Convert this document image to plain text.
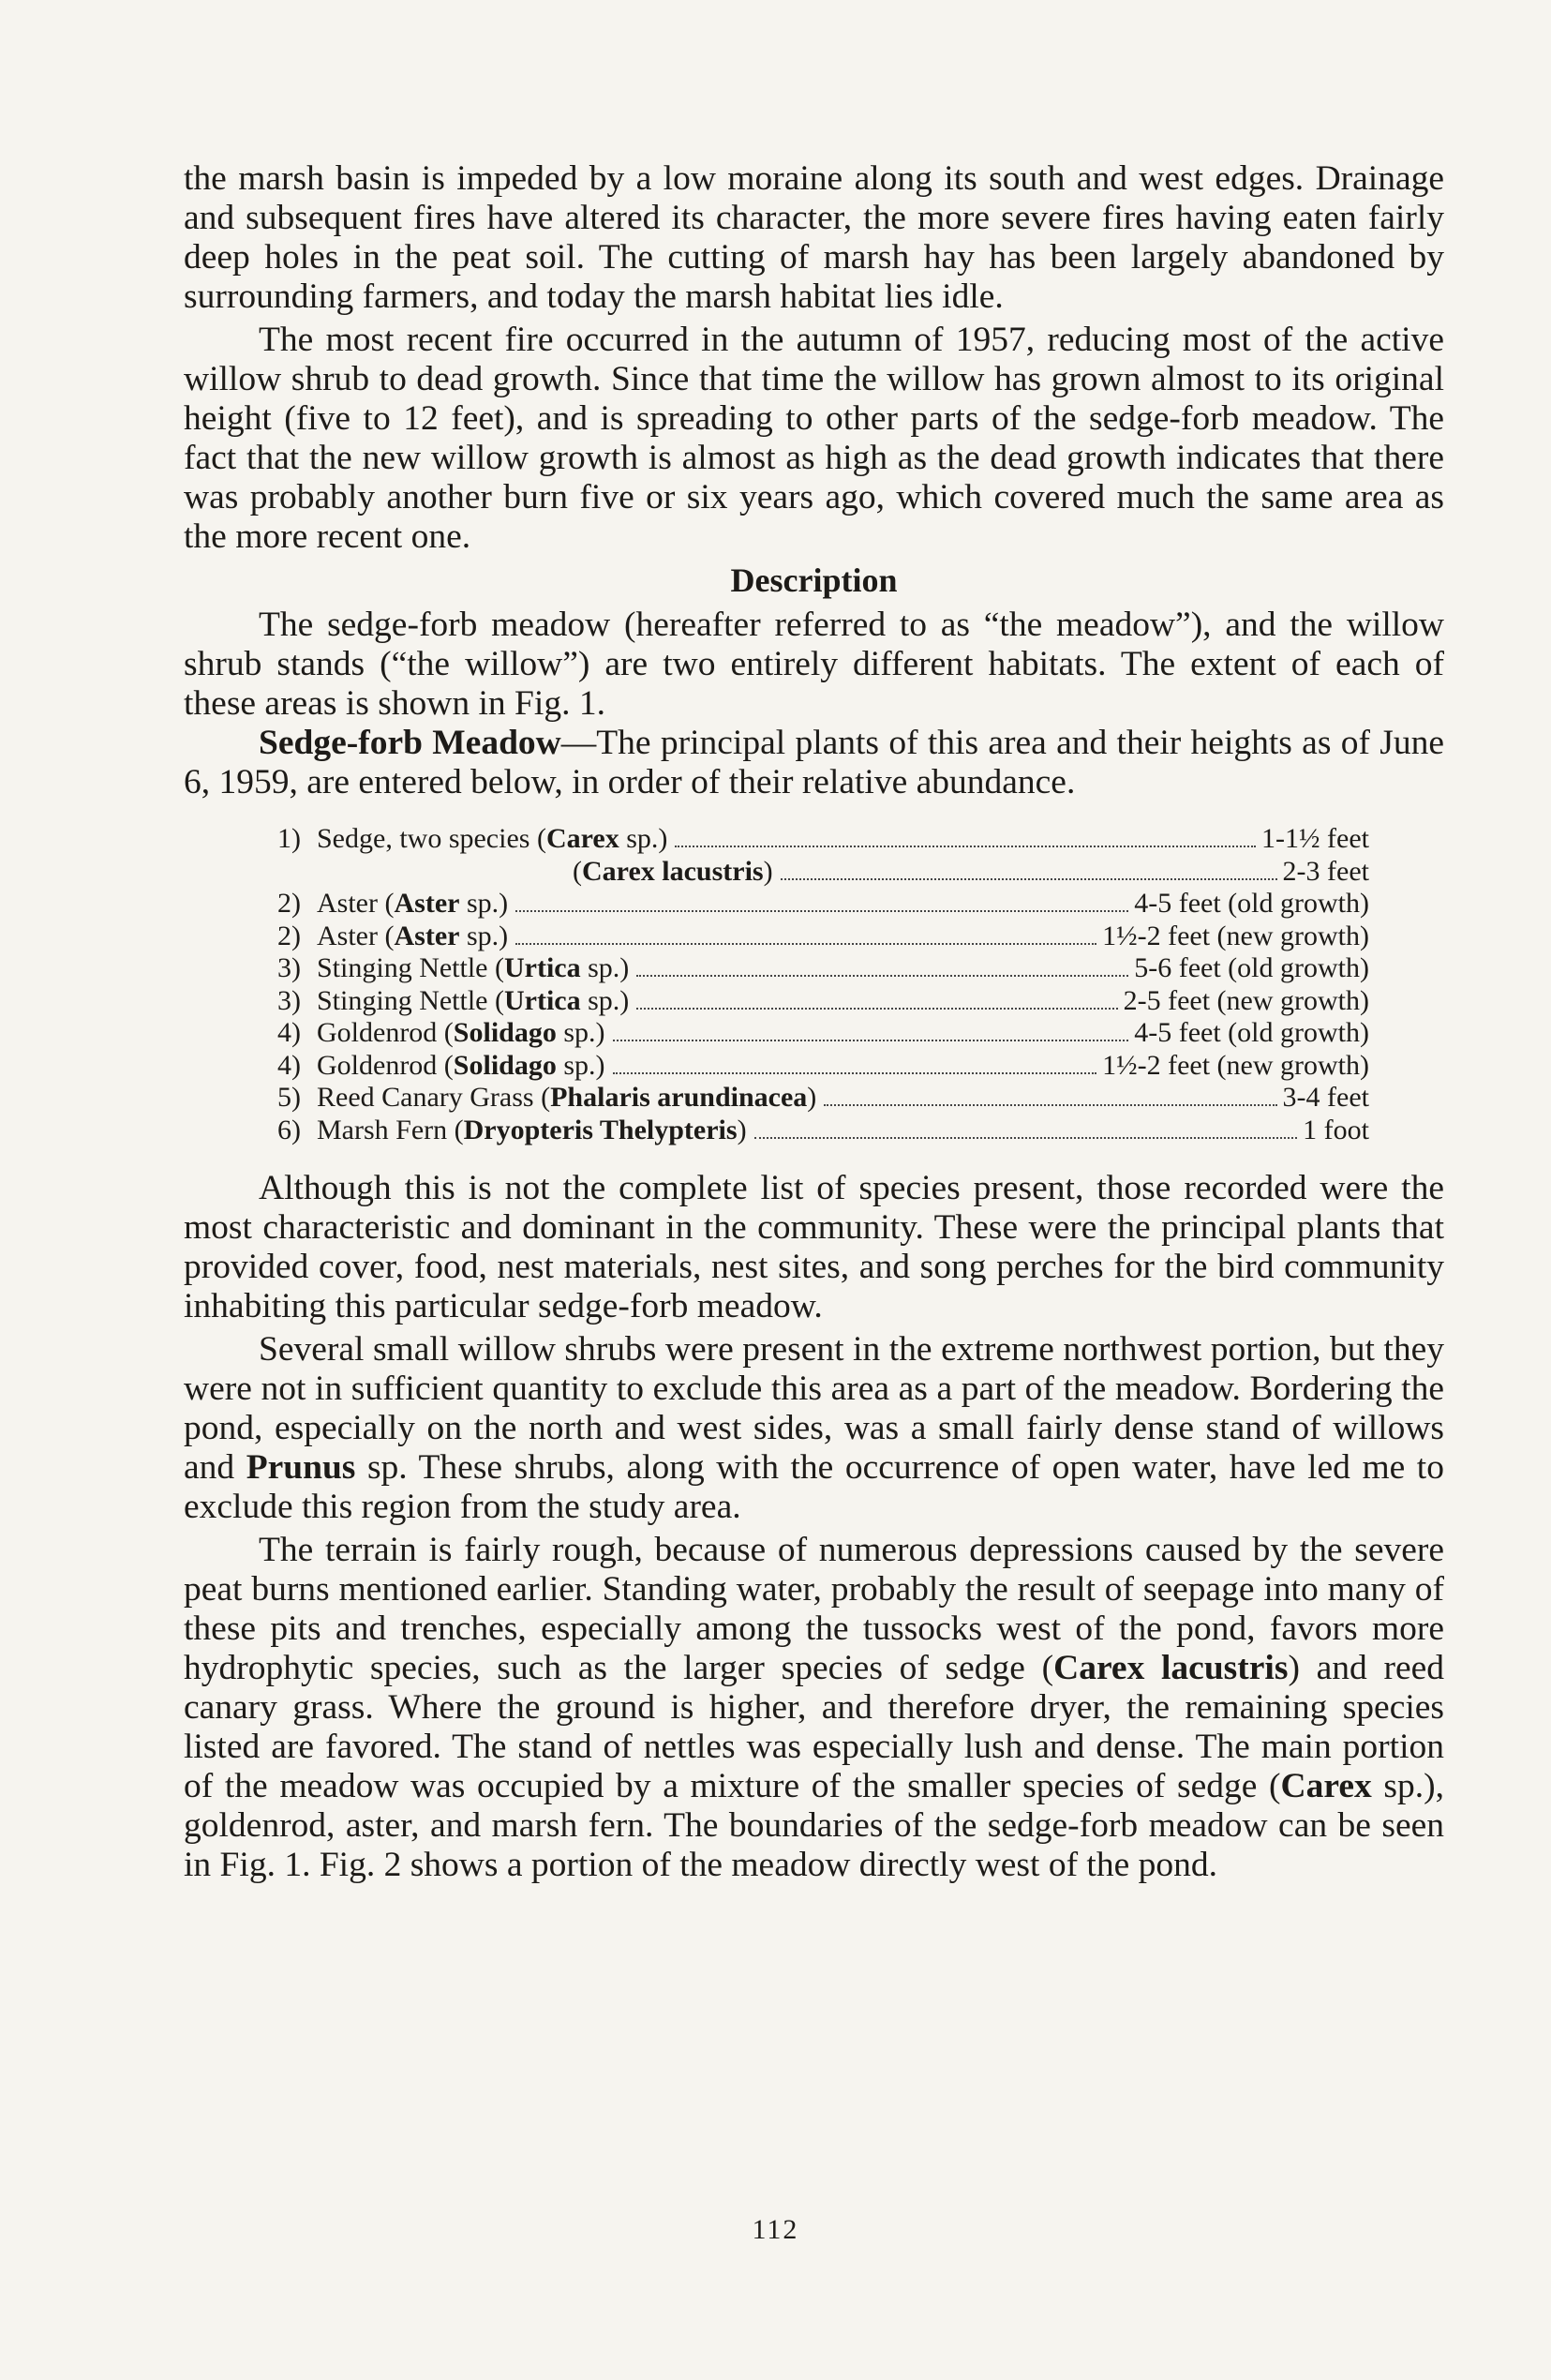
the marsh basin is impeded by a low moraine along its south and west edges. Drainage and subsequent fires have altered its character, the more severe fires having eaten fairly deep holes in the peat soil. The cutting of marsh hay has been largely abandoned by surrounding farmers, and today the marsh habitat lies idle.

The most recent fire occurred in the autumn of 1957, reducing most of the active willow shrub to dead growth. Since that time the willow has grown almost to its original height (five to 12 feet), and is spreading to other parts of the sedge-forb meadow. The fact that the new willow growth is almost as high as the dead growth indicates that there was probably another burn five or six years ago, which covered much the same area as the more recent one.

Description

The sedge-forb meadow (hereafter referred to as “the meadow”), and the willow shrub stands (“the willow”) are two entirely different habitats. The extent of each of these areas is shown in Fig. 1.

Sedge-forb Meadow—The principal plants of this area and their heights as of June 6, 1959, are entered below, in order of their relative abundance.

1) Sedge, two species (Carex sp.)	1-1½ feet
(Carex lacustris)	2-3 feet
2) Aster (Aster sp.)	4-5 feet (old growth)
2) Aster (Aster sp.)	1½-2 feet (new growth)
3) Stinging Nettle (Urtica sp.)	5-6 feet (old growth)
3) Stinging Nettle (Urtica sp.)	2-5 feet (new growth)
4) Goldenrod (Solidago sp.)	4-5 feet (old growth)
4) Goldenrod (Solidago sp.)	1½-2 feet (new growth)
5) Reed Canary Grass (Phalaris arundinacea)	3-4 feet
6) Marsh Fern (Dryopteris Thelypteris)	1 foot

Although this is not the complete list of species present, those recorded were the most characteristic and dominant in the community. These were the principal plants that provided cover, food, nest materials, nest sites, and song perches for the bird community inhabiting this particular sedge-forb meadow.

Several small willow shrubs were present in the extreme northwest portion, but they were not in sufficient quantity to exclude this area as a part of the meadow. Bordering the pond, especially on the north and west sides, was a small fairly dense stand of willows and Prunus sp. These shrubs, along with the occurrence of open water, have led me to exclude this region from the study area.

The terrain is fairly rough, because of numerous depressions caused by the severe peat burns mentioned earlier. Standing water, probably the result of seepage into many of these pits and trenches, especially among the tussocks west of the pond, favors more hydrophytic species, such as the larger species of sedge (Carex lacustris) and reed canary grass. Where the ground is higher, and therefore dryer, the remaining species listed are favored. The stand of nettles was especially lush and dense. The main portion of the meadow was occupied by a mixture of the smaller species of sedge (Carex sp.), goldenrod, aster, and marsh fern. The boundaries of the sedge-forb meadow can be seen in Fig. 1. Fig. 2 shows a portion of the meadow directly west of the pond.

112
